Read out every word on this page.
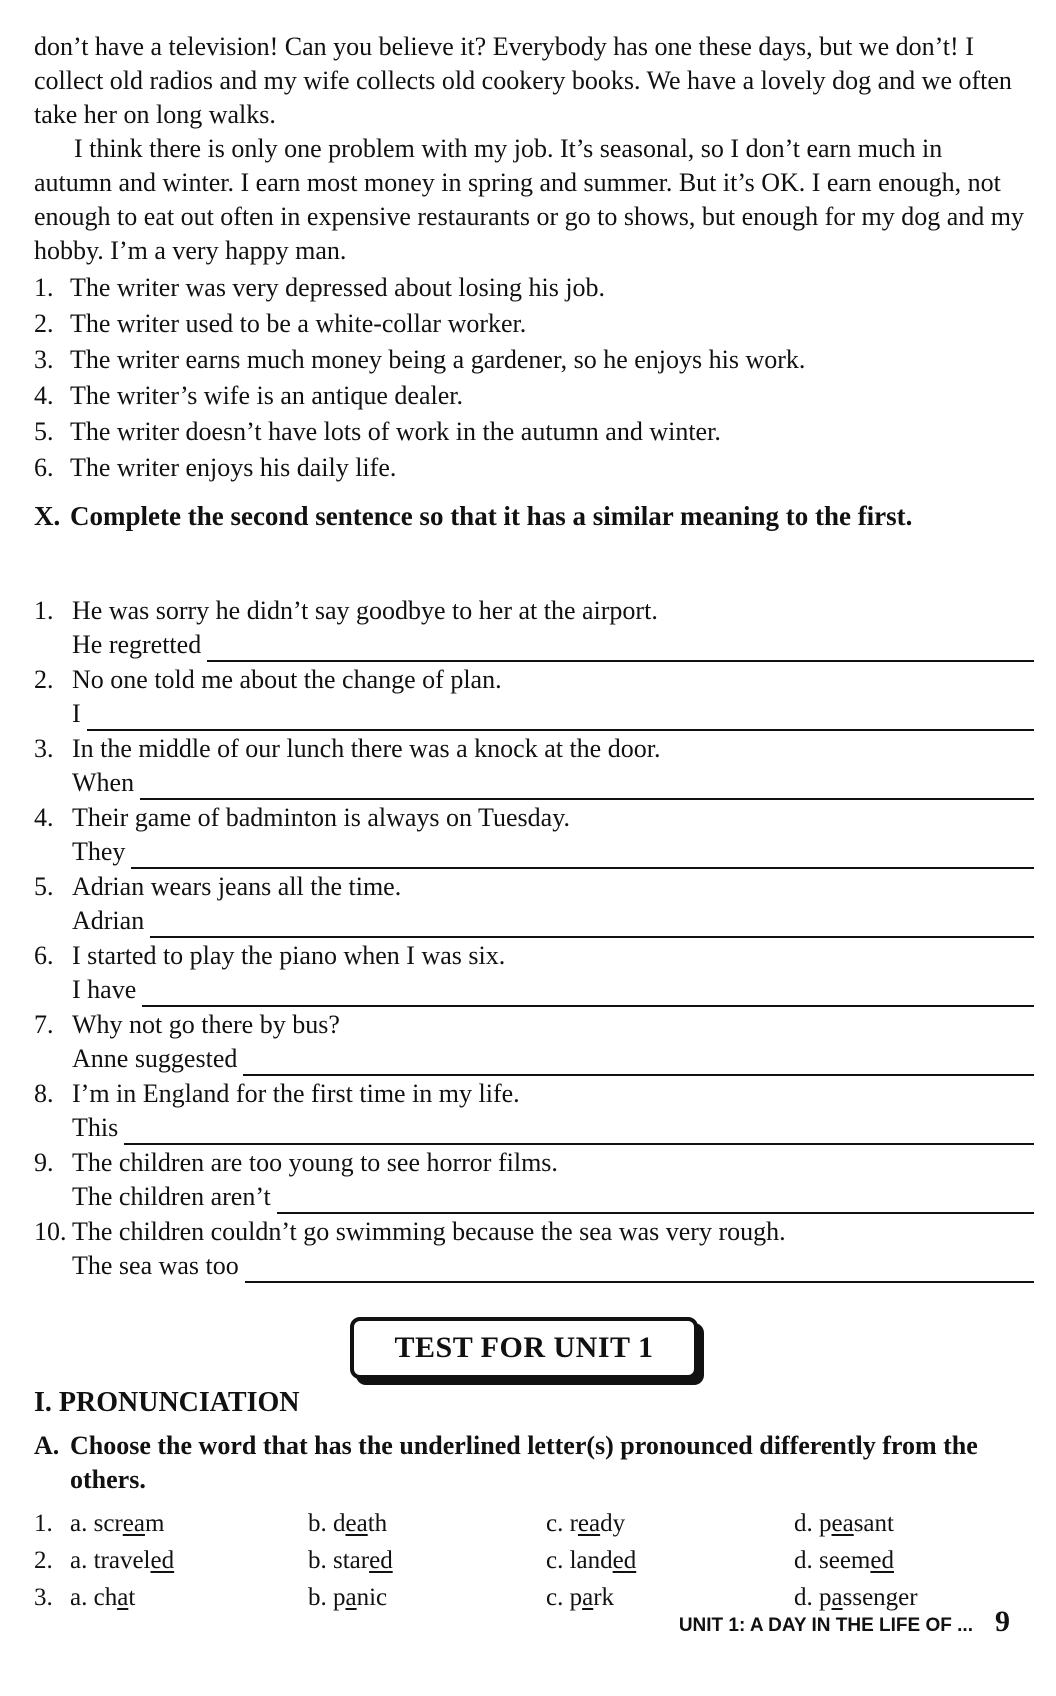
don’t have a television! Can you believe it? Everybody has one these days, but we don’t! I collect old radios and my wife collects old cookery books. We have a lovely dog and we often take her on long walks.

I think there is only one problem with my job. It’s seasonal, so I don’t earn much in autumn and winter. I earn most money in spring and summer. But it’s OK. I earn enough, not enough to eat out often in expensive restaurants or go to shows, but enough for my dog and my hobby. I’m a very happy man.

1. The writer was very depressed about losing his job.
2. The writer used to be a white-collar worker.
3. The writer earns much money being a gardener, so he enjoys his work.
4. The writer’s wife is an antique dealer.
5. The writer doesn’t have lots of work in the autumn and winter.
6. The writer enjoys his daily life.
X. Complete the second sentence so that it has a similar meaning to the first.
1. He was sorry he didn’t say goodbye to her at the airport.
He regretted
2. No one told me about the change of plan.
I
3. In the middle of our lunch there was a knock at the door.
When
4. Their game of badminton is always on Tuesday.
They
5. Adrian wears jeans all the time.
Adrian
6. I started to play the piano when I was six.
I have
7. Why not go there by bus?
Anne suggested
8. I’m in England for the first time in my life.
This
9. The children are too young to see horror films.
The children aren’t
10. The children couldn’t go swimming because the sea was very rough.
The sea was too
TEST FOR UNIT 1
I. PRONUNCIATION
A. Choose the word that has the underlined letter(s) pronounced differently from the others.
1. a. scream	b. death	c. ready	d. peasant
2. a. traveled	b. stared	c. landed	d. seemed
3. a. chat	b. panic	c. park	d. passenger
UNIT 1: A DAY IN THE LIFE OF ... 9
